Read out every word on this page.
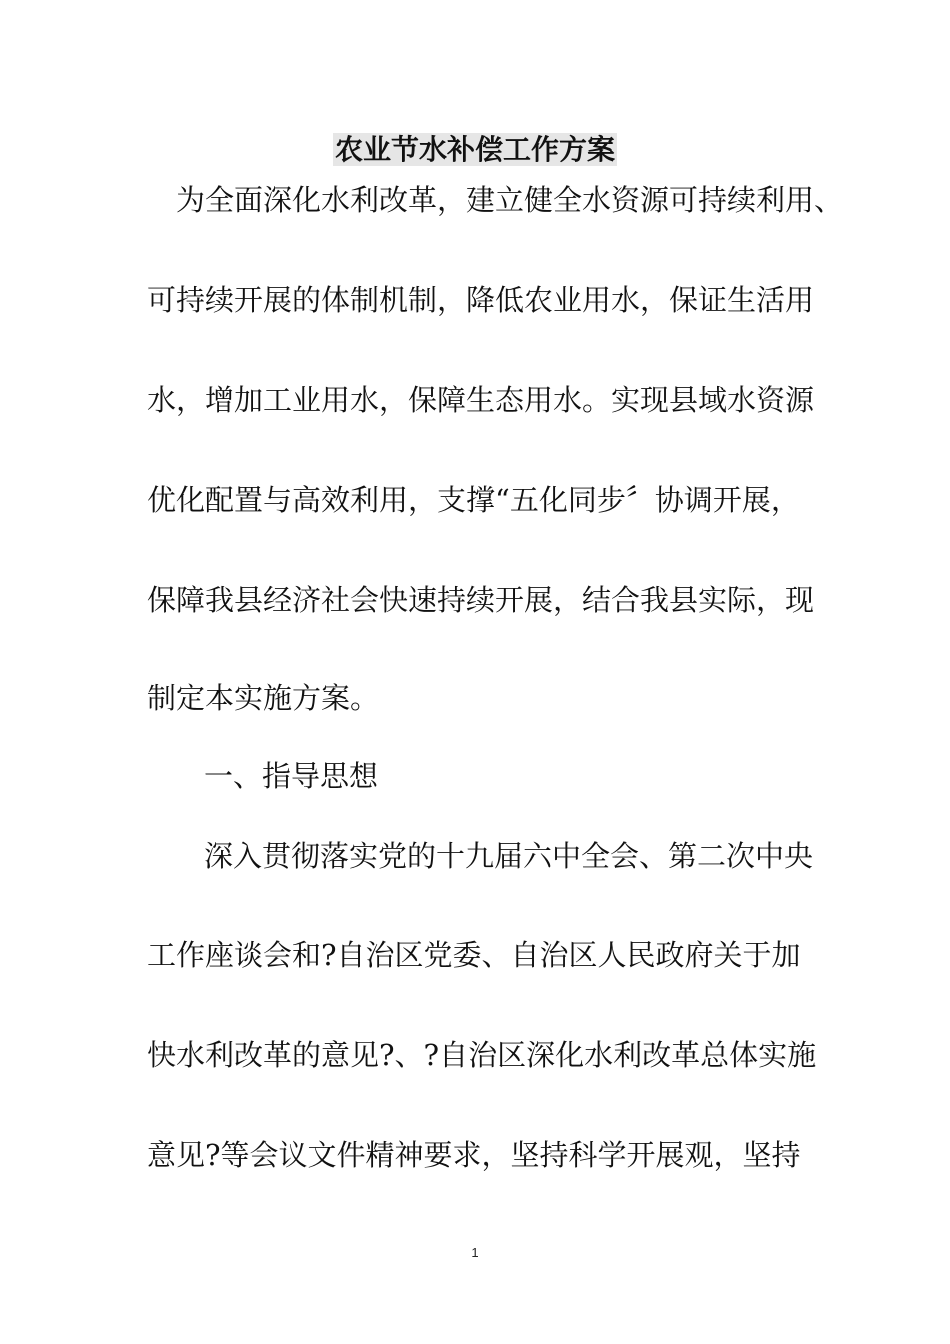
农业节水补偿工作方案
为全面深化水利改革，建立健全水资源可持续利用、
可持续开展的体制机制，降低农业用水，保证生活用
水，增加工业用水，保障生态用水。实现县域水资源
优化配置与高效利用，支撑“五化同步〞协调开展，
保障我县经济社会快速持续开展，结合我县实际，现
制定本实施方案。
一、指导思想
深入贯彻落实党的十九届六中全会、第二次中央
工作座谈会和?自治区党委、自治区人民政府关于加
快水利改革的意见?、?自治区深化水利改革总体实施
意见?等会议文件精神要求，坚持科学开展观，坚持
1
